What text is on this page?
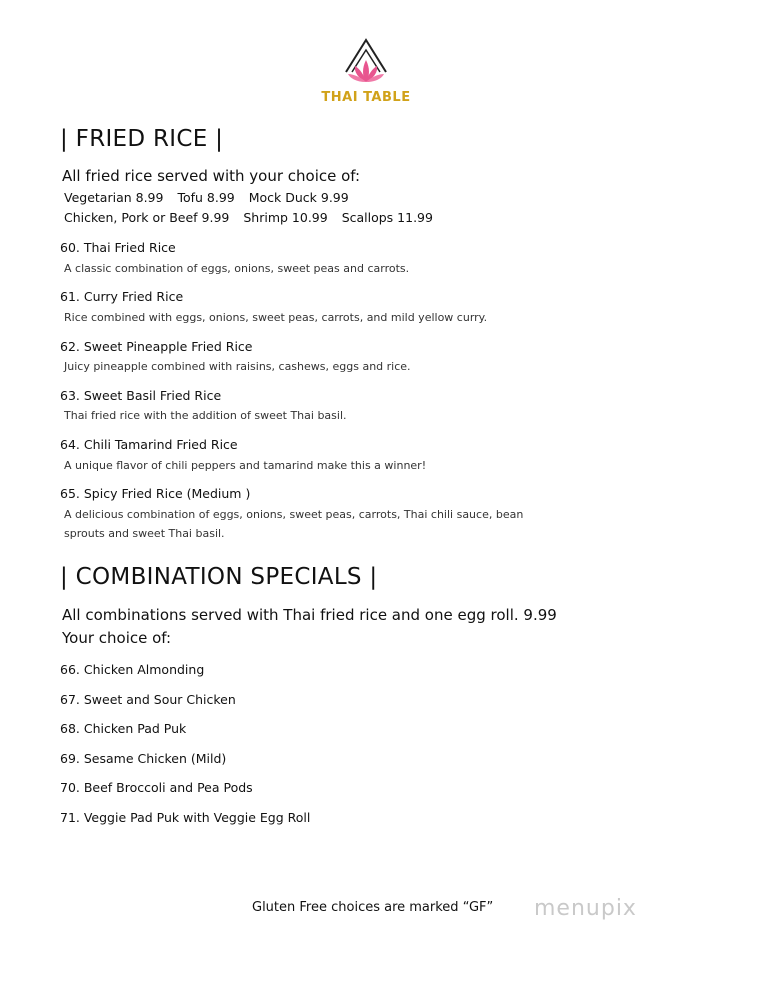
THAI TABLE
| FRIED RICE |
All fried rice served with your choice of:
Vegetarian 8.99 Tofu 8.99 Mock Duck 9.99
Chicken, Pork or Beef 9.99 Shrimp 10.99 Scallops 11.99
60. Thai Fried Rice
A classic combination of eggs, onions, sweet peas and carrots.
61. Curry Fried Rice
Rice combined with eggs, onions, sweet peas, carrots, and mild yellow curry.
62. Sweet Pineapple Fried Rice
Juicy pineapple combined with raisins, cashews, eggs and rice.
63. Sweet Basil Fried Rice
Thai fried rice with the addition of sweet Thai basil.
64. Chili Tamarind Fried Rice
A unique flavor of chili peppers and tamarind make this a winner!
65. Spicy Fried Rice (Medium )
A delicious combination of eggs, onions, sweet peas, carrots, Thai chili sauce, bean sprouts and sweet Thai basil.
| COMBINATION SPECIALS |
All combinations served with Thai fried rice and one egg roll. 9.99
Your choice of:
66. Chicken Almonding
67. Sweet and Sour Chicken
68. Chicken Pad Puk
69. Sesame Chicken (Mild)
70. Beef Broccoli and Pea Pods
71. Veggie Pad Puk with Veggie Egg Roll
Gluten Free choices are marked “GF” menupix
